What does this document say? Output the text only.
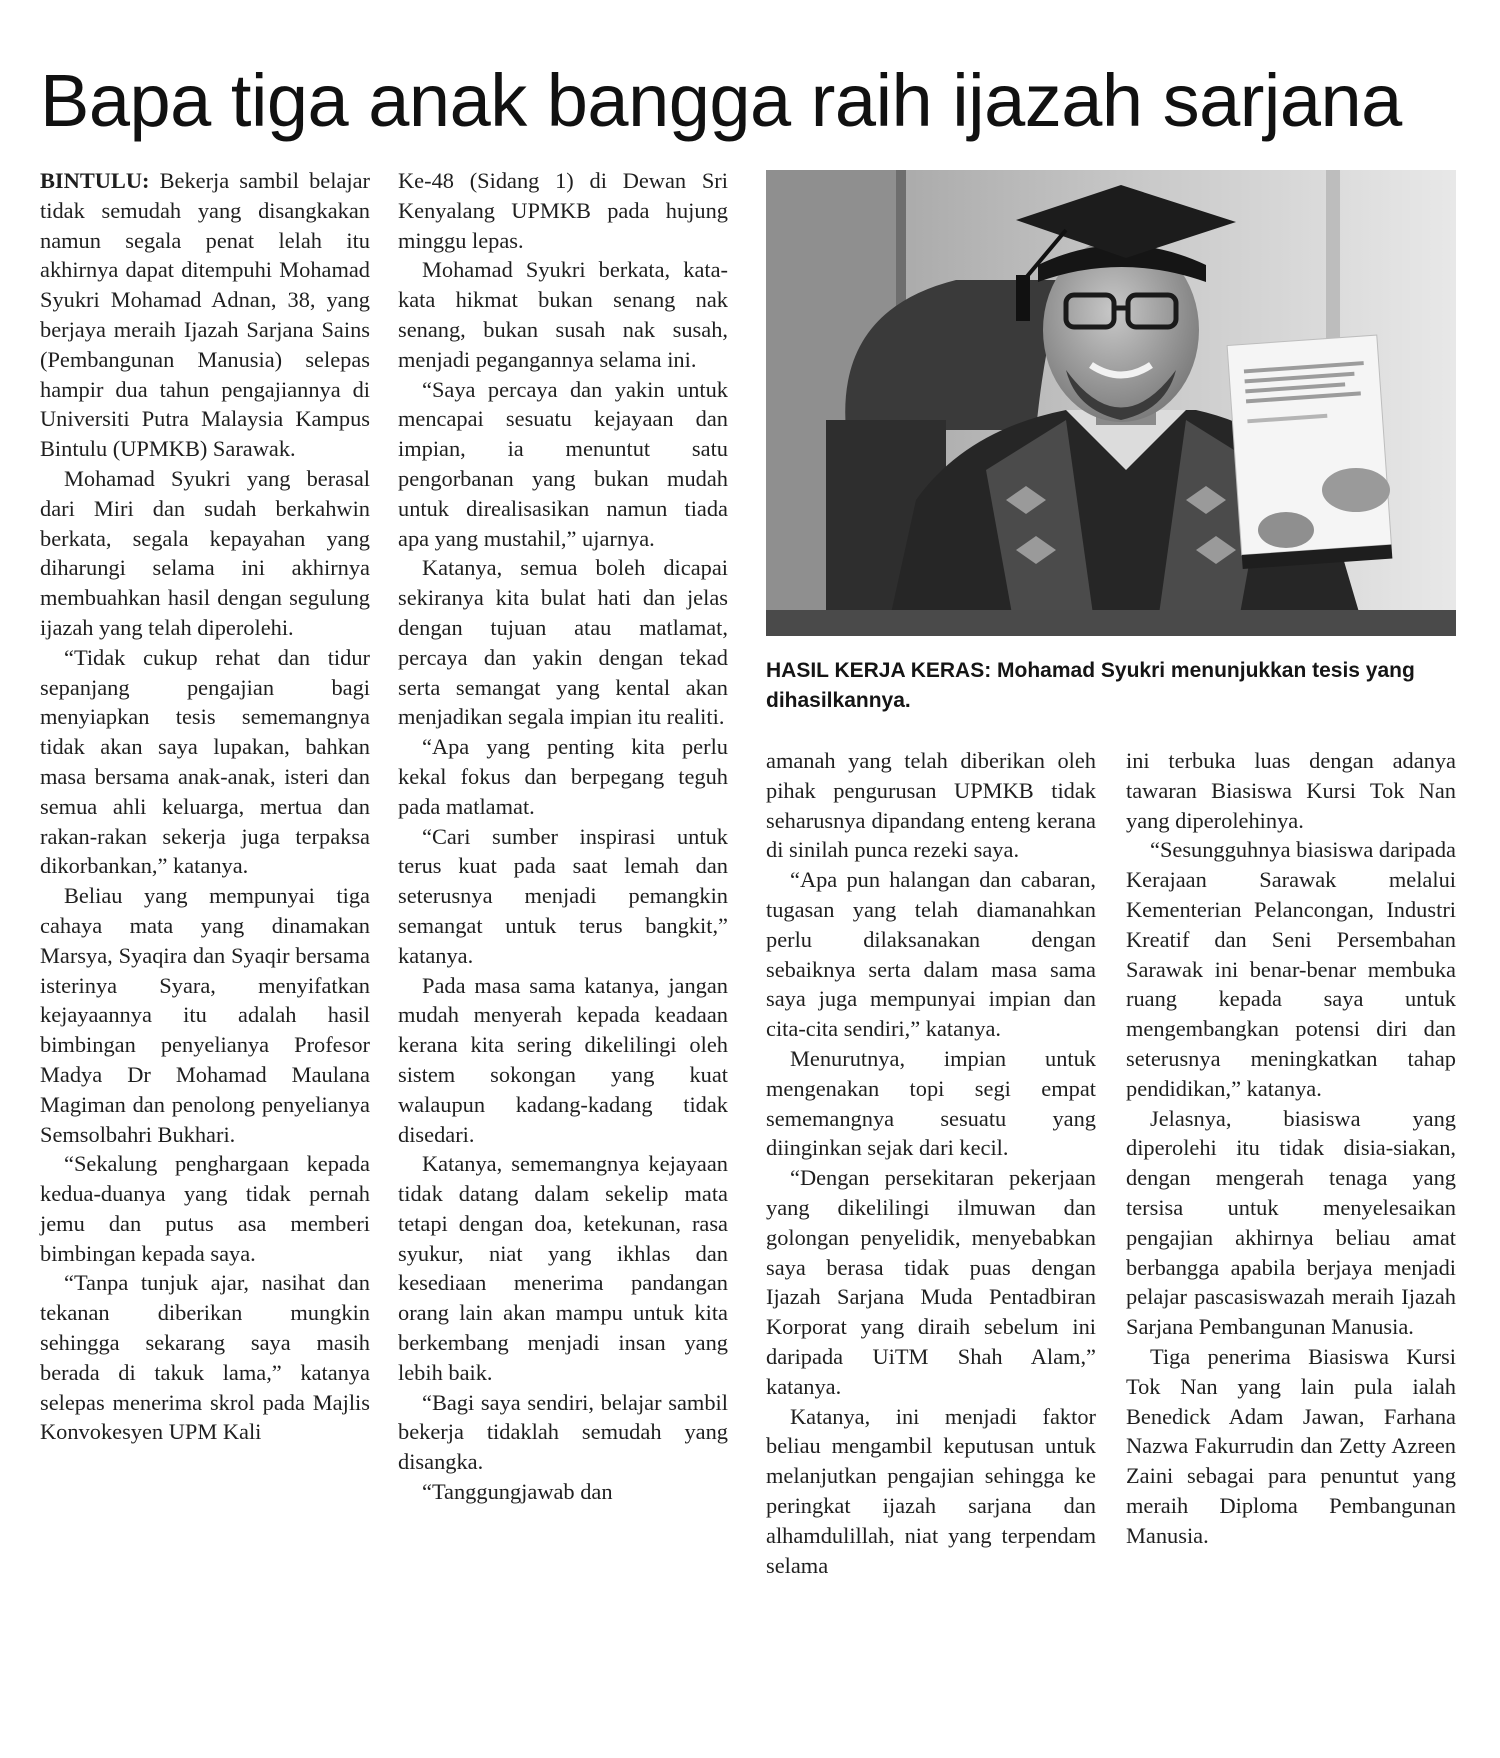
Bapa tiga anak bangga raih ijazah sarjana

BINTULU: Bekerja sambil belajar tidak semudah yang disangkakan namun segala penat lelah itu akhirnya dapat ditempuhi Mohamad Syukri Mohamad Adnan, 38, yang berjaya meraih Ijazah Sarjana Sains (Pembangunan Manusia) selepas hampir dua tahun pengajiannya di Universiti Putra Malaysia Kampus Bintulu (UPMKB) Sarawak.

Mohamad Syukri yang berasal dari Miri dan sudah berkahwin berkata, segala kepayahan yang diharungi selama ini akhirnya membuahkan hasil dengan segulung ijazah yang telah diperolehi.

“Tidak cukup rehat dan tidur sepanjang pengajian bagi menyiapkan tesis sememangnya tidak akan saya lupakan, bahkan masa bersama anak-anak, isteri dan semua ahli keluarga, mertua dan rakan-rakan sekerja juga terpaksa dikorbankan,” katanya.

Beliau yang mempunyai tiga cahaya mata yang dinamakan Marsya, Syaqira dan Syaqir bersama isterinya Syara, menyifatkan kejayaannya itu adalah hasil bimbingan penyelianya Profesor Madya Dr Mohamad Maulana Magiman dan penolong penyelianya Semsolbahri Bukhari.

“Sekalung penghargaan kepada kedua-duanya yang tidak pernah jemu dan putus asa memberi bimbingan kepada saya.

“Tanpa tunjuk ajar, nasihat dan tekanan diberikan mungkin sehingga sekarang saya masih berada di takuk lama,” katanya selepas menerima skrol pada Majlis Konvokesyen UPM Kali

Ke-48 (Sidang 1) di Dewan Sri Kenyalang UPMKB pada hujung minggu lepas.

Mohamad Syukri berkata, kata-kata hikmat bukan senang nak senang, bukan susah nak susah, menjadi pegangannya selama ini.

“Saya percaya dan yakin untuk mencapai sesuatu kejayaan dan impian, ia menuntut satu pengorbanan yang bukan mudah untuk direalisasikan namun tiada apa yang mustahil,” ujarnya.

Katanya, semua boleh dicapai sekiranya kita bulat hati dan jelas dengan tujuan atau matlamat, percaya dan yakin dengan tekad serta semangat yang kental akan menjadikan segala impian itu realiti.

“Apa yang penting kita perlu kekal fokus dan berpegang teguh pada matlamat.

“Cari sumber inspirasi untuk terus kuat pada saat lemah dan seterusnya menjadi pemangkin semangat untuk terus bangkit,” katanya.

Pada masa sama katanya, jangan mudah menyerah kepada keadaan kerana kita sering dikelilingi oleh sistem sokongan yang kuat walaupun kadang-kadang tidak disedari.

Katanya, sememangnya kejayaan tidak datang dalam sekelip mata tetapi dengan doa, ketekunan, rasa syukur, niat yang ikhlas dan kesediaan menerima pandangan orang lain akan mampu untuk kita berkembang menjadi insan yang lebih baik.

“Bagi saya sendiri, belajar sambil bekerja tidaklah semudah yang disangka.

“Tanggungjawab dan

HASIL KERJA KERAS: Mohamad Syukri menunjukkan tesis yang dihasilkannya.

amanah yang telah diberikan oleh pihak pengurusan UPMKB tidak seharusnya dipandang enteng kerana di sinilah punca rezeki saya.

“Apa pun halangan dan cabaran, tugasan yang telah diamanahkan perlu dilaksanakan dengan sebaiknya serta dalam masa sama saya juga mempunyai impian dan cita-cita sendiri,” katanya.

Menurutnya, impian untuk mengenakan topi segi empat sememangnya sesuatu yang diinginkan sejak dari kecil.

“Dengan persekitaran pekerjaan yang dikelilingi ilmuwan dan golongan penyelidik, menyebabkan saya berasa tidak puas dengan Ijazah Sarjana Muda Pentadbiran Korporat yang diraih sebelum ini daripada UiTM Shah Alam,” katanya.

Katanya, ini menjadi faktor beliau mengambil keputusan untuk melanjutkan pengajian sehingga ke peringkat ijazah sarjana dan alhamdulillah, niat yang terpendam selama

ini terbuka luas dengan adanya tawaran Biasiswa Kursi Tok Nan yang diperolehinya.

“Sesungguhnya biasiswa daripada Kerajaan Sarawak melalui Kementerian Pelancongan, Industri Kreatif dan Seni Persembahan Sarawak ini benar-benar membuka ruang kepada saya untuk mengembangkan potensi diri dan seterusnya meningkatkan tahap pendidikan,” katanya.

Jelasnya, biasiswa yang diperolehi itu tidak disia-siakan, dengan mengerah tenaga yang tersisa untuk menyelesaikan pengajian akhirnya beliau amat berbangga apabila berjaya menjadi pelajar pascasiswazah meraih Ijazah Sarjana Pembangunan Manusia.

Tiga penerima Biasiswa Kursi Tok Nan yang lain pula ialah Benedick Adam Jawan, Farhana Nazwa Fakurrudin dan Zetty Azreen Zaini sebagai para penuntut yang meraih Diploma Pembangunan Manusia.
